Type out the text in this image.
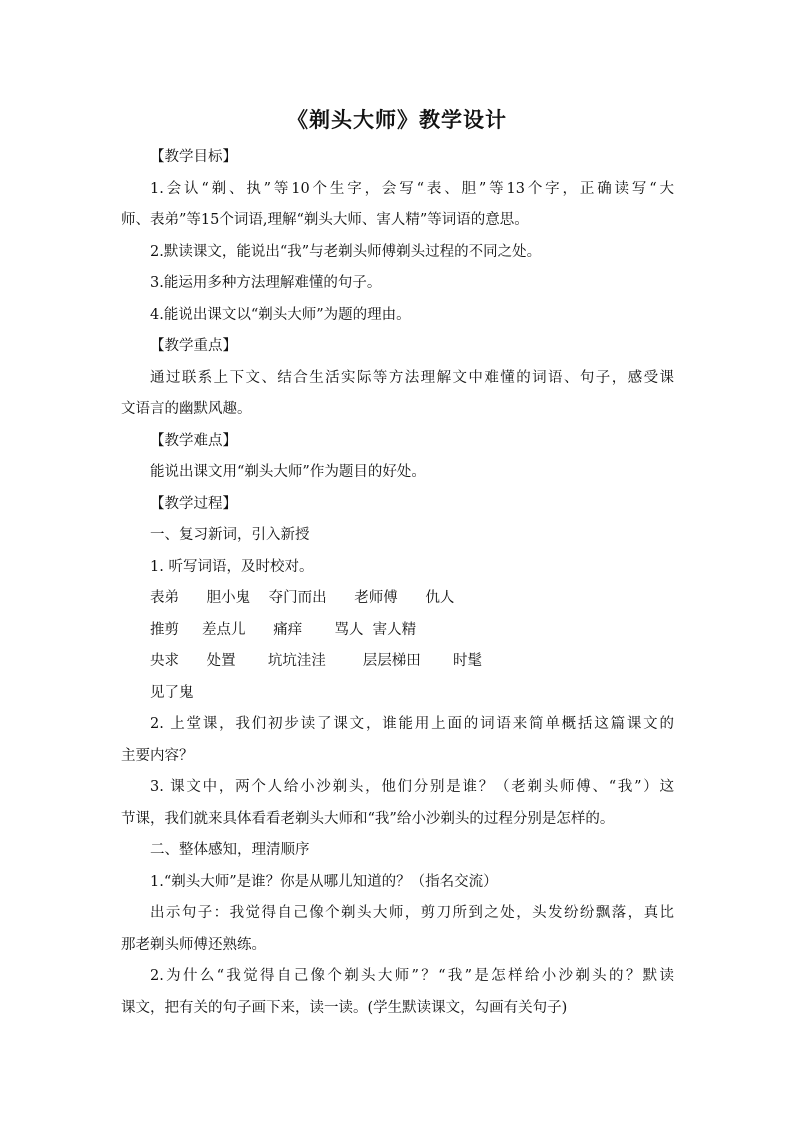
《剃头大师》教学设计
【教学目标】
1.会认“剃、执”等10个生字，会写“表、胆”等13个字，正确读写“大
师、表弟”等15个词语,理解“剃头大师、害人精”等词语的意思。
2.默读课文，能说出“我”与老剃头师傅剃头过程的不同之处。
3.能运用多种方法理解难懂的句子。
4.能说出课文以“剃头大师”为题的理由。
【教学重点】
通过联系上下文、结合生活实际等方法理解文中难懂的词语、句子，感受课
文语言的幽默风趣。
【教学难点】
能说出课文用“剃头大师”作为题目的好处。
【教学过程】
一、复习新词，引入新授
1. 听写词语，及时校对。
表弟      胆小鬼    夺门而出      老师傅      仇人
推剪     差点儿      痛痒       骂人  害人精
央求      处置       坑坑洼洼        层层梯田       时髦
见了鬼
2. 上堂课，我们初步读了课文，谁能用上面的词语来简单概括这篇课文的
主要内容？
3. 课文中，两个人给小沙剃头，他们分别是谁？（老剃头师傅、“我”）这
节课，我们就来具体看看老剃头大师和“我”给小沙剃头的过程分别是怎样的。
二、整体感知，理清顺序
1.“剃头大师”是谁？你是从哪儿知道的？（指名交流）
出示句子：我觉得自己像个剃头大师，剪刀所到之处，头发纷纷飘落，真比
那老剃头师傅还熟练。
2.为什么“我觉得自己像个剃头大师”？“我”是怎样给小沙剃头的？默读
课文，把有关的句子画下来，读一读。(学生默读课文，勾画有关句子)
